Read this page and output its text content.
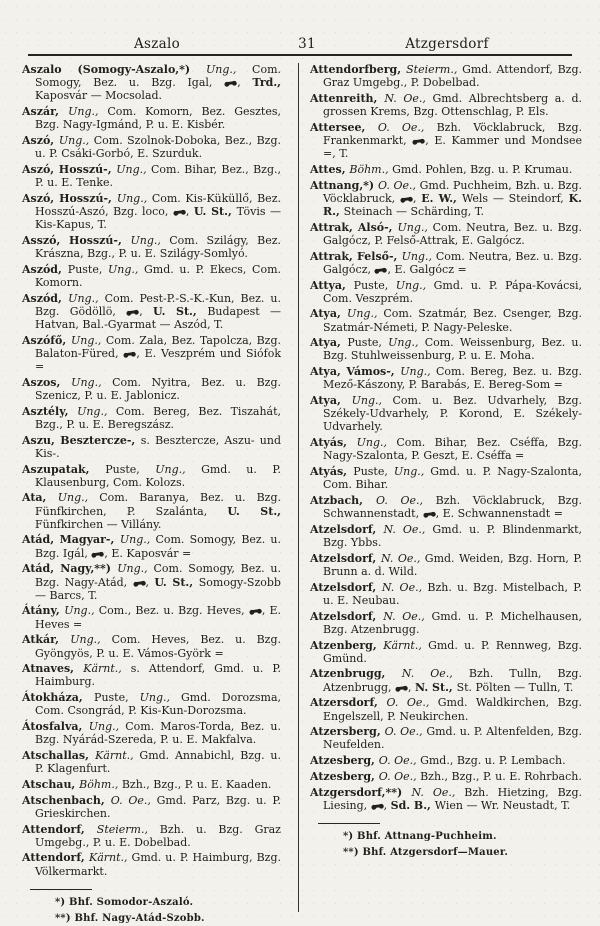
Aszalo	31	Atzgersdorf

Aszalo (Somogy-Aszalo,*) Ung., Com. Somogy, Bez. u. Bzg. Igal,
, Trd., Kaposvár — Mocsolad.

Aszár, Ung., Com. Komorn, Bez. Gesztes, Bzg. Nagy-Igmánd, P. u. E. Kisbér.

Aszó, Ung., Com. Szolnok-Doboka, Bez., Bzg. u. P. Csáki-Gorbó, E. Szurduk.

Aszó, Hosszú-, Ung., Com. Bihar, Bez., Bzg., P. u. E. Tenke.

Aszó, Hosszú-, Ung., Com. Kis-Küküllő, Bez. Hosszú-Aszó, Bzg. loco,
, U. St., Tövis — Kis-Kapus, T.

Asszó, Hosszú-, Ung., Com. Szilágy, Bez. Krászna, Bzg., P. u. E. Szilágy-Somlyó.

Aszód, Puste, Ung., Gmd. u. P. Ekecs, Com. Komorn.

Aszód, Ung., Com. Pest-P.-S.-K.-Kun, Bez. u. Bzg. Gödöllö,
, U. St., Budapest — Hatvan, Bal.-Gyarmat — Aszód, T.

Aszófő, Ung., Com. Zala, Bez. Tapolcza, Bzg. Balaton-Füred,
, E. Veszprém und Siófok =

Aszos, Ung., Com. Nyitra, Bez. u. Bzg. Szenicz, P. u. E. Jablonicz.

Asztély, Ung., Com. Bereg, Bez. Tiszahát, Bzg., P. u. E. Beregszász.

Aszu, Besztercze-, s. Besztercze, Aszu- und Kis-.

Aszupatak, Puste, Ung., Gmd. u. P. Klausenburg, Com. Kolozs.

Ata, Ung., Com. Baranya, Bez. u. Bzg. Fünfkirchen, P. Szalánta, U. St., Fünfkirchen — Villány.

Atád, Magyar-, Ung., Com. Somogy, Bez. u. Bzg. Igál,
, E. Kaposvár =

Atád, Nagy,**) Ung., Com. Somogy, Bez. u. Bzg. Nagy-Atád,
, U. St., Somogy-Szobb — Barcs, T.

Átány, Ung., Com., Bez. u. Bzg. Heves,
, E. Heves =

Atkár, Ung., Com. Heves, Bez. u. Bzg. Gyöngyös, P. u. E. Vámos-Györk =

Atnaves, Kärnt., s. Attendorf, Gmd. u. P. Haimburg.

Átokháza, Puste, Ung., Gmd. Dorozsma, Com. Csongrád, P. Kis-Kun-Dorozsma.

Átosfalva, Ung., Com. Maros-Torda, Bez. u. Bzg. Nyárád-Szereda, P. u. E. Makfalva.

Atschallas, Kärnt., Gmd. Annabichl, Bzg. u. P. Klagenfurt.

Atschau, Böhm., Bzh., Bzg., P. u. E. Kaaden.

Atschenbach, O. Oe., Gmd. Parz, Bzg. u. P. Grieskirchen.

Attendorf, Steierm., Bzh. u. Bzg. Graz Umgebg., P. u. E. Dobelbad.

Attendorf, Kärnt., Gmd. u. P. Haimburg, Bzg. Völkermarkt.

*) Bhf. Somodor-Aszaló.

**) Bhf. Nagy-Atád-Szobb.

Attendorfberg, Steierm., Gmd. Attendorf, Bzg. Graz Umgebg., P. Dobelbad.

Attenreith, N. Oe., Gmd. Albrechtsberg a. d. grossen Krems, Bzg. Ottenschlag, P. Els.

Attersee, O. Oe., Bzh. Vöcklabruck, Bzg. Frankenmarkt,
, E. Kammer und Mondsee =, T.

Attes, Böhm., Gmd. Pohlen, Bzg. u. P. Krumau.

Attnang,*) O. Oe., Gmd. Puchheim, Bzh. u. Bzg. Vöcklabruck,
, E. W., Wels — Steindorf, K. R., Steinach — Schärding, T.

Attrak, Alsó-, Ung., Com. Neutra, Bez. u. Bzg. Galgócz, P. Felső-Attrak, E. Galgócz.

Attrak, Felső-, Ung., Com. Neutra, Bez. u. Bzg. Galgócz,
, E. Galgócz =

Attya, Puste, Ung., Gmd. u. P. Pápa-Kovácsi, Com. Veszprém.

Atya, Ung., Com. Szatmár, Bez. Csenger, Bzg. Szatmár-Németi, P. Nagy-Peleske.

Atya, Puste, Ung., Com. Weissenburg, Bez. u. Bzg. Stuhlweissenburg, P. u. E. Moha.

Atya, Vámos-, Ung., Com. Bereg, Bez. u. Bzg. Mező-Kászony, P. Barabás, E. Bereg-Som =

Atya, Ung., Com. u. Bez. Udvarhely, Bzg. Székely-Udvarhely, P. Korond, E. Székely-Udvarhely.

Atyás, Ung., Com. Bihar, Bez. Cséffa, Bzg. Nagy-Szalonta, P. Geszt, E. Cséffa =

Atyás, Puste, Ung., Gmd. u. P. Nagy-Szalonta, Com. Bihar.

Atzbach, O. Oe., Bzh. Vöcklabruck, Bzg. Schwannenstadt,
, E. Schwannenstadt =

Atzelsdorf, N. Oe., Gmd. u. P. Blindenmarkt, Bzg. Ybbs.

Atzelsdorf, N. Oe., Gmd. Weiden, Bzg. Horn, P. Brunn a. d. Wild.

Atzelsdorf, N. Oe., Bzh. u. Bzg. Mistelbach, P. u. E. Neubau.

Atzelsdorf, N. Oe., Gmd. u. P. Michelhausen, Bzg. Atzenbrugg.

Atzenberg, Kärnt., Gmd. u. P. Rennweg, Bzg. Gmünd.

Atzenbrugg, N. Oe., Bzh. Tulln, Bzg. Atzenbrugg,
, N. St., St. Pölten — Tulln, T.

Atzersdorf, O. Oe., Gmd. Waldkirchen, Bzg. Engelszell, P. Neukirchen.

Atzersberg, O. Oe., Gmd. u. P. Altenfelden, Bzg. Neufelden.

Atzesberg, O. Oe., Gmd., Bzg. u. P. Lembach.

Atzesberg, O. Oe., Bzh., Bzg., P. u. E. Rohrbach.

Atzgersdorf,**) N. Oe., Bzh. Hietzing, Bzg. Liesing,
, Sd. B., Wien — Wr. Neustadt, T.

*) Bhf. Attnang-Puchheim.

**) Bhf. Atzgersdorf—Mauer.
